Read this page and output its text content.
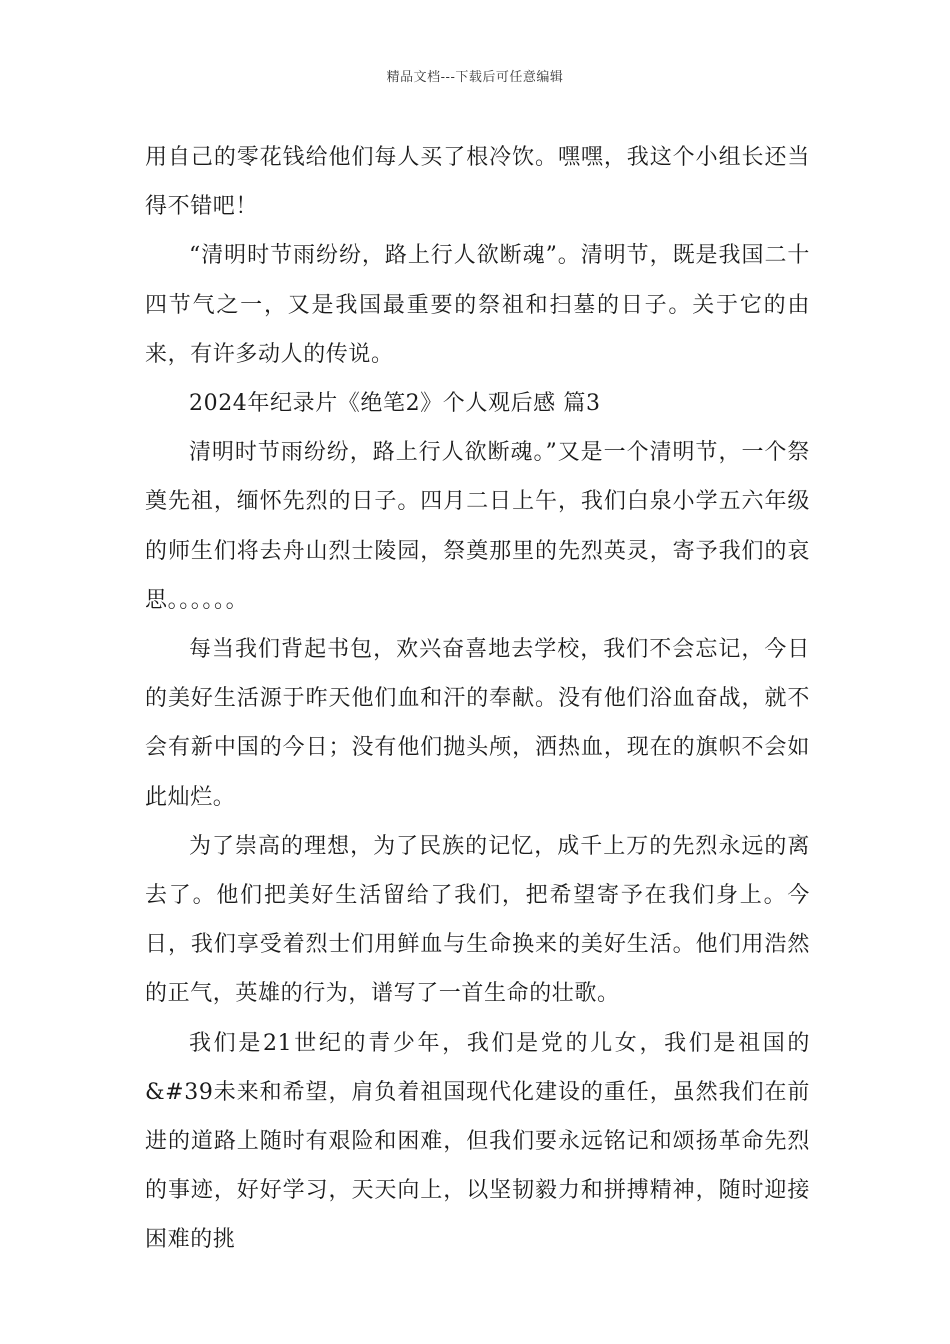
精品文档---下载后可任意编辑

用自己的零花钱给他们每人买了根冷饮。嘿嘿，我这个小组长还当得不错吧！

“清明时节雨纷纷，路上行人欲断魂”。清明节，既是我国二十四节气之一，又是我国最重要的祭祖和扫墓的日子。关于它的由来，有许多动人的传说。

2024年纪录片《绝笔2》个人观后感 篇3

清明时节雨纷纷，路上行人欲断魂。”又是一个清明节，一个祭奠先祖，缅怀先烈的日子。四月二日上午，我们白泉小学五六年级的师生们将去舟山烈士陵园，祭奠那里的先烈英灵，寄予我们的哀思。。。。。。

每当我们背起书包，欢兴奋喜地去学校，我们不会忘记，今日的美好生活源于昨天他们血和汗的奉献。没有他们浴血奋战，就不会有新中国的今日；没有他们抛头颅，洒热血，现在的旗帜不会如此灿烂。

为了崇高的理想，为了民族的记忆，成千上万的先烈永远的离去了。他们把美好生活留给了我们，把希望寄予在我们身上。今日，我们享受着烈士们用鲜血与生命换来的美好生活。他们用浩然的正气，英雄的行为，谱写了一首生命的壮歌。

我们是21世纪的青少年，我们是党的儿女，我们是祖国的&#39未来和希望，肩负着祖国现代化建设的重任，虽然我们在前进的道路上随时有艰险和困难，但我们要永远铭记和颂扬革命先烈的事迹，好好学习，天天向上，以坚韧毅力和拼搏精神，随时迎接困难的挑
